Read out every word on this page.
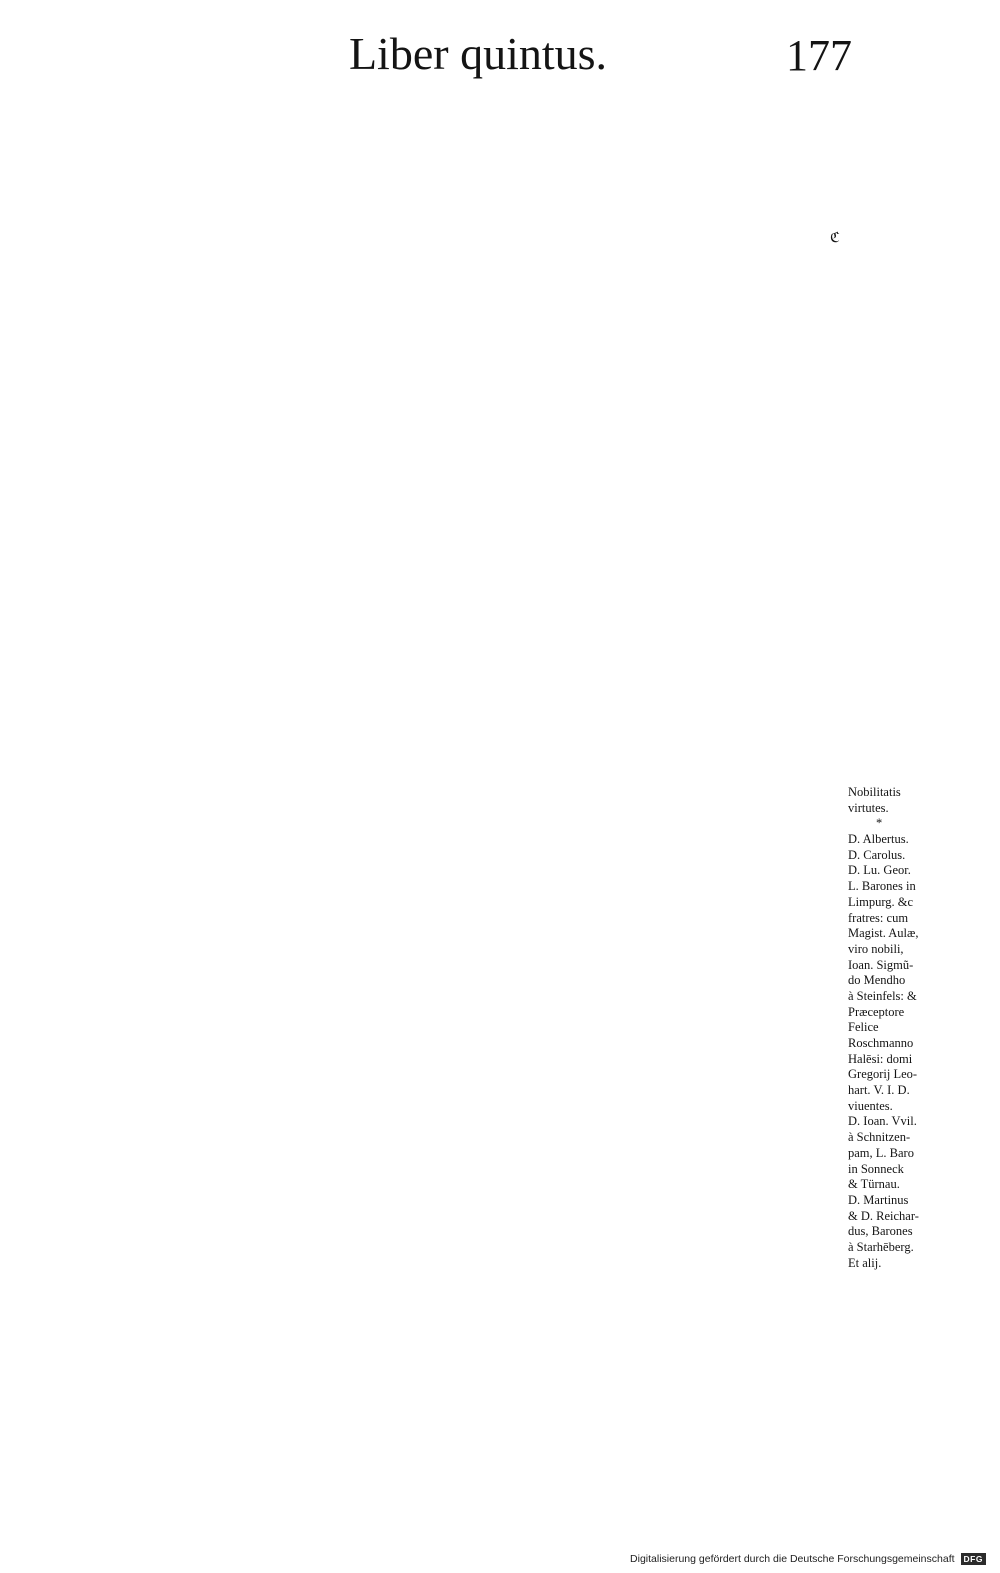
Liber quintus.	177
ℭ
Nobilitatis
virtutes.
*
D. Albertus.
D. Carolus.
D. Lu. Geor.
L. Barones in
Limpurg. &c
fratres: cum
Magist. Aulæ,
viro nobili,
Ioan. Sigmũ-
do Mendho
à Steinfels: &
Præceptore
Felice
Roschmanno
Halēsi: domi
Gregorij Leo-
hart. V. I. D.
viuentes.
D. Ioan. Vvil.
à Schnitzen-
pam, L. Baro
in Sonneck
& Türnau.
D. Martinus
& D. Reichar-
dus, Barones
à Starhēberg.
Et alij.
Digitalisierung gefördert durch die Deutsche Forschungsgemeinschaft	DFG
